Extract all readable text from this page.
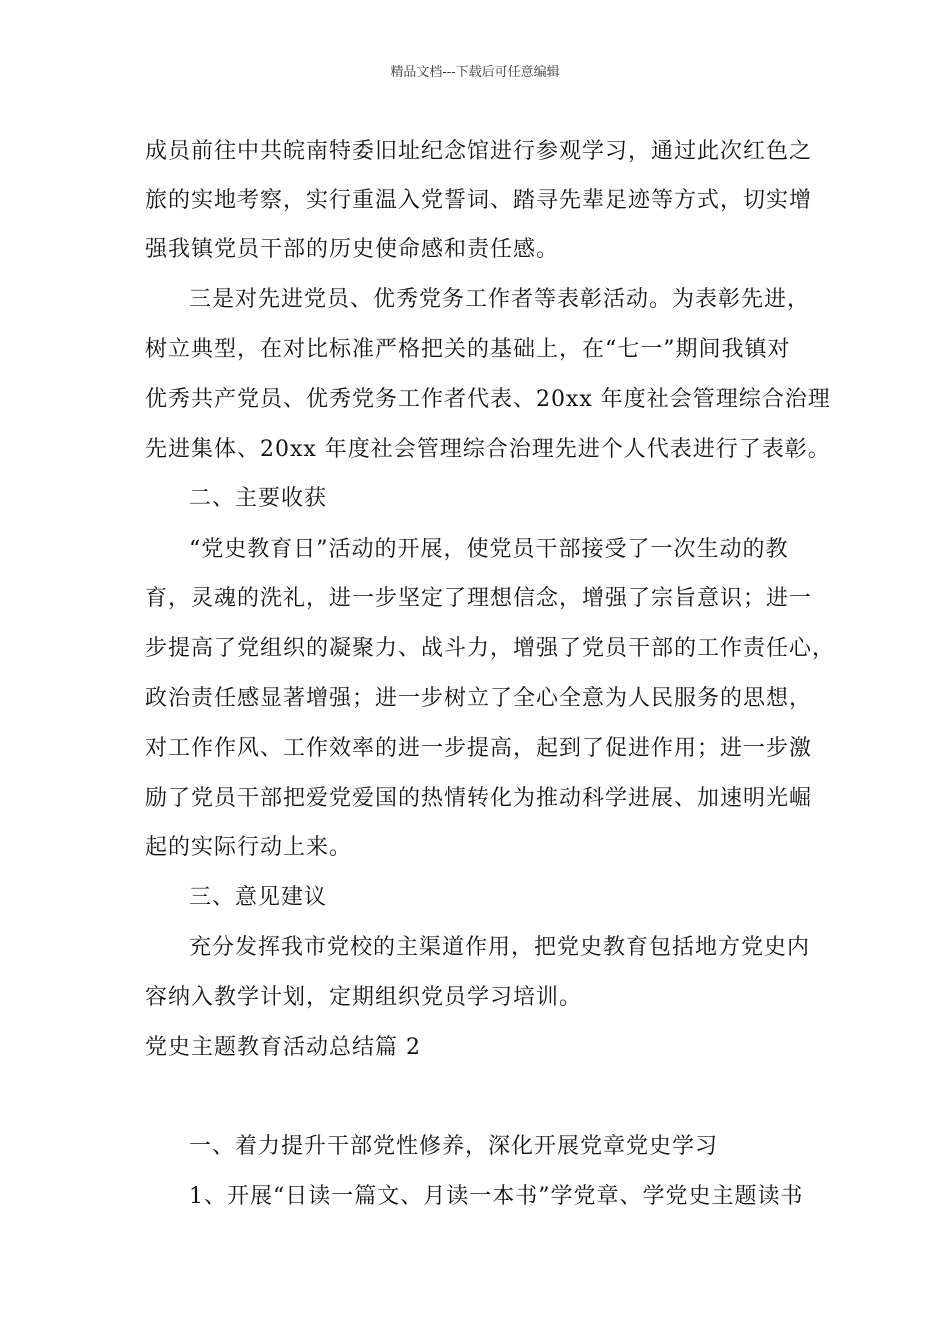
精品文档---下载后可任意编辑
成员前往中共皖南特委旧址纪念馆进行参观学习，通过此次红色之
旅的实地考察，实行重温入党誓词、踏寻先辈足迹等方式，切实增
强我镇党员干部的历史使命感和责任感。
三是对先进党员、优秀党务工作者等表彰活动。为表彰先进，
树立典型，在对比标准严格把关的基础上，在“七一”期间我镇对
优秀共产党员、优秀党务工作者代表、20xx 年度社会管理综合治理
先进集体、20xx 年度社会管理综合治理先进个人代表进行了表彰。
二、主要收获
“党史教育日”活动的开展，使党员干部接受了一次生动的教
育，灵魂的洗礼，进一步坚定了理想信念，增强了宗旨意识；进一
步提高了党组织的凝聚力、战斗力，增强了党员干部的工作责任心，
政治责任感显著增强；进一步树立了全心全意为人民服务的思想，
对工作作风、工作效率的进一步提高，起到了促进作用；进一步激
励了党员干部把爱党爱国的热情转化为推动科学进展、加速明光崛
起的实际行动上来。
三、意见建议
充分发挥我市党校的主渠道作用，把党史教育包括地方党史内
容纳入教学计划，定期组织党员学习培训。
党史主题教育活动总结篇 2
一、着力提升干部党性修养，深化开展党章党史学习
1、开展“日读一篇文、月读一本书”学党章、学党史主题读书
